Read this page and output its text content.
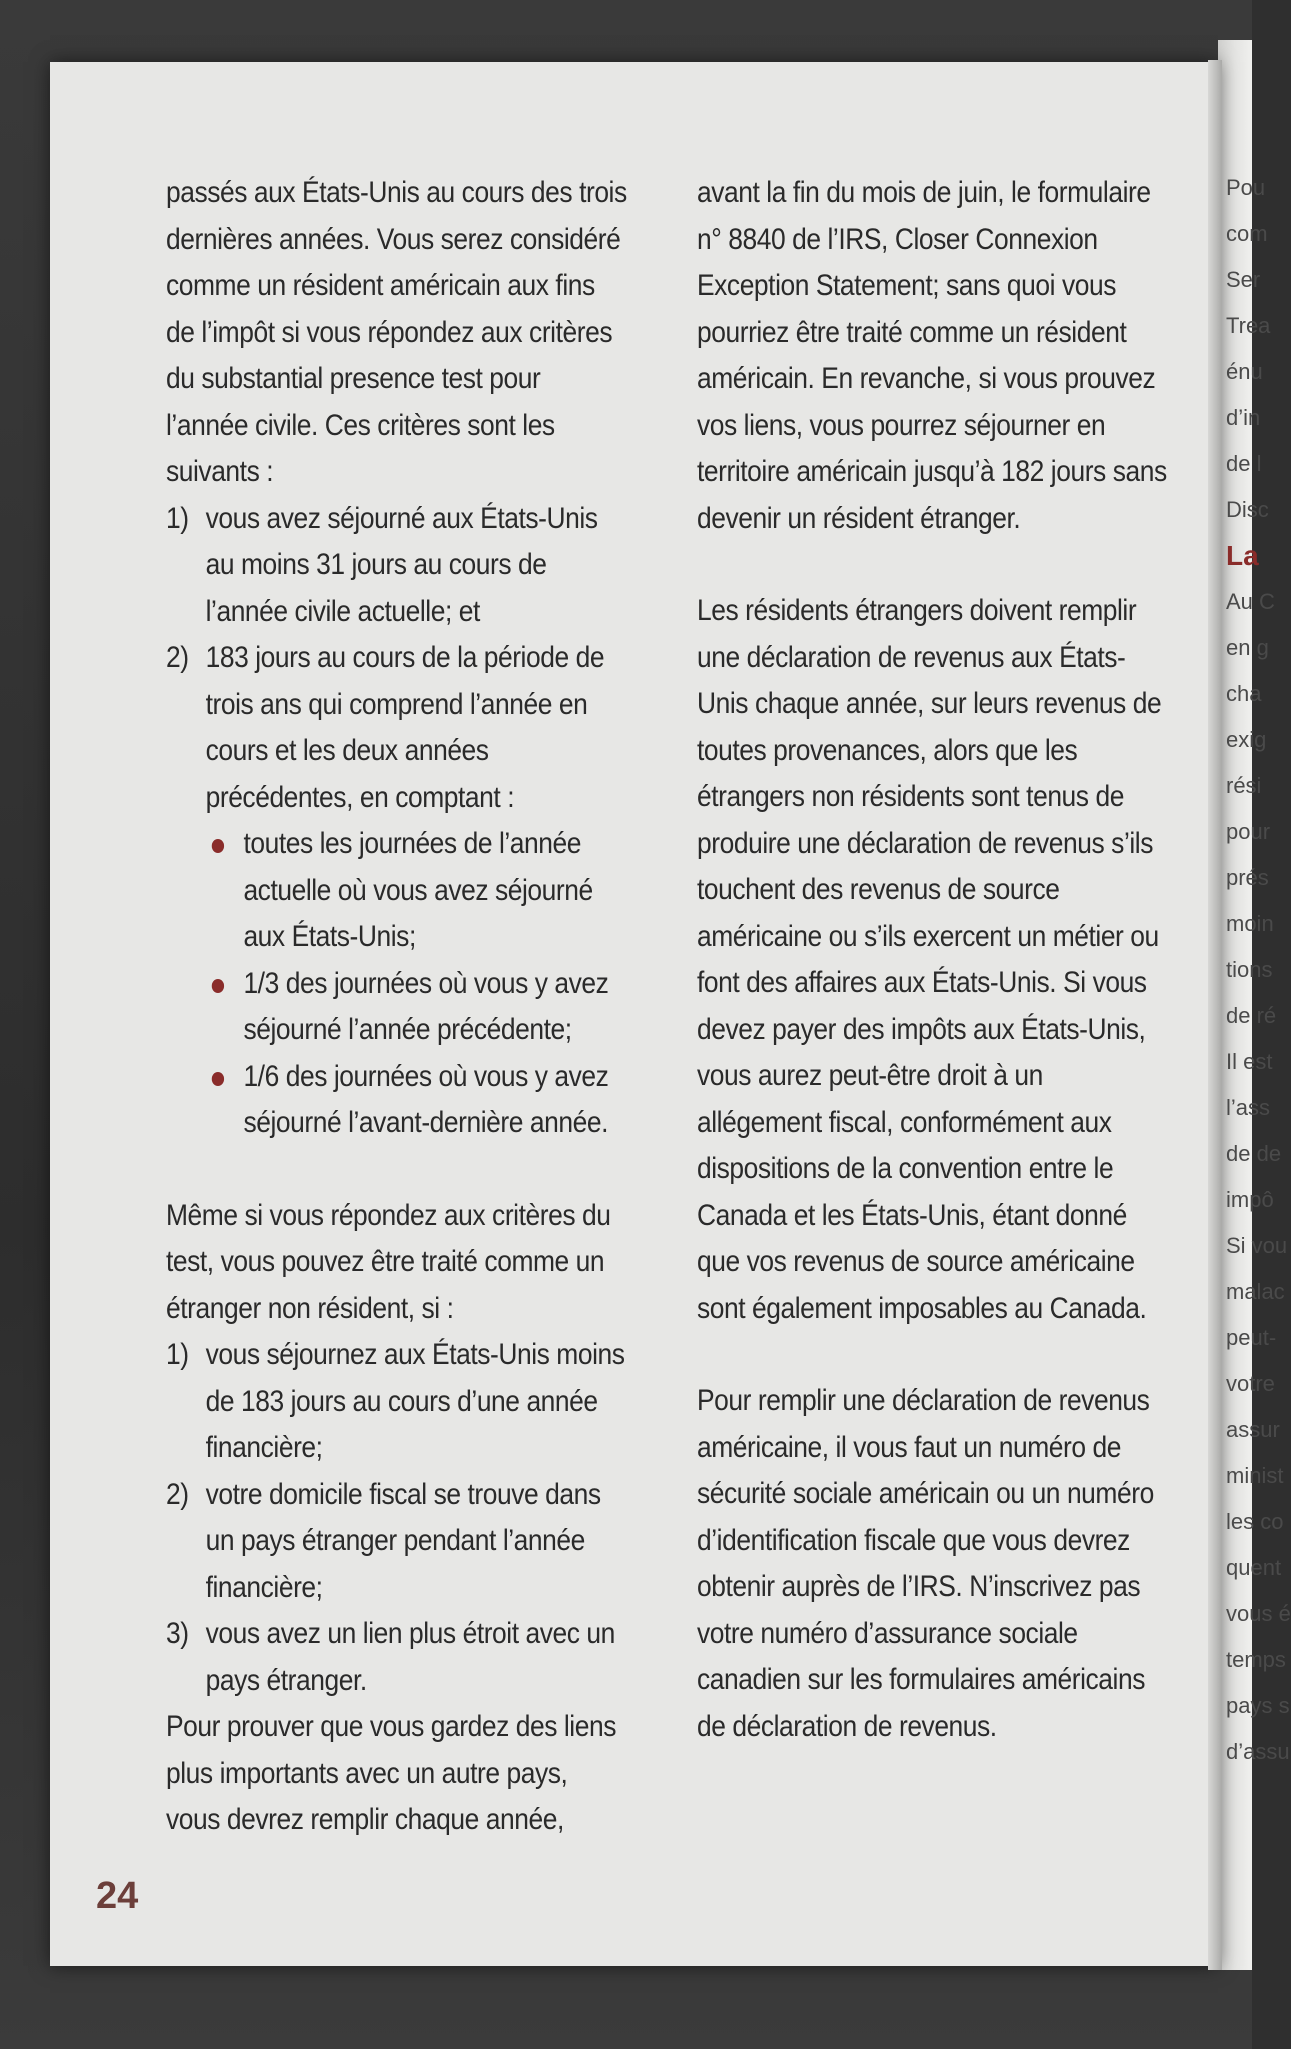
Pou
com
Ser
Trea
énu
d’in
de l
Disc
La
Au C
en g
cha
exig
rési
pour
prés
moin
tions
de ré
Il est
l’ass
de de
impô
Si vou
malac
peut-
votre
assur
minist
les co
quent
vous é
temps
pays s
d’assu

passés aux États-Unis au cours des trois dernières années. Vous serez considéré comme un résident américain aux fins de l’impôt si vous répondez aux critères du substantial presence test pour l’année civile. Ces critères sont les suivants :

1) vous avez séjourné aux États-Unis au moins 31 jours au cours de l’année civile actuelle; et
2) 183 jours au cours de la période de trois ans qui comprend l’année en cours et les deux années précédentes, en comptant :
toutes les journées de l’année actuelle où vous avez séjourné aux États-Unis;
1/3 des journées où vous y avez séjourné l’année précédente;
1/6 des journées où vous y avez séjourné l’avant-dernière année.

Même si vous répondez aux critères du test, vous pouvez être traité comme un étranger non résident, si :

1) vous séjournez aux États-Unis moins de 183 jours au cours d’une année financière;
2) votre domicile fiscal se trouve dans un pays étranger pendant l’année financière;
3) vous avez un lien plus étroit avec un pays étranger.

Pour prouver que vous gardez des liens plus importants avec un autre pays, vous devrez remplir chaque année,

avant la fin du mois de juin, le formulaire n° 8840 de l’IRS, Closer Connexion Exception Statement; sans quoi vous pourriez être traité comme un résident américain. En revanche, si vous prouvez vos liens, vous pourrez séjourner en territoire américain jusqu’à 182 jours sans devenir un résident étranger.

Les résidents étrangers doivent remplir une déclaration de revenus aux États-Unis chaque année, sur leurs revenus de toutes provenances, alors que les étrangers non résidents sont tenus de produire une déclaration de revenus s’ils touchent des revenus de source américaine ou s’ils exercent un métier ou font des affaires aux États-Unis. Si vous devez payer des impôts aux États-Unis, vous aurez peut-être droit à un allégement fiscal, conformément aux dispositions de la convention entre le Canada et les États-Unis, étant donné que vos revenus de source américaine sont également imposables au Canada.

Pour remplir une déclaration de revenus américaine, il vous faut un numéro de sécurité sociale américain ou un numéro d’identification fiscale que vous devrez obtenir auprès de l’IRS. N’inscrivez pas votre numéro d’assurance sociale canadien sur les formulaires américains de déclaration de revenus.

24
